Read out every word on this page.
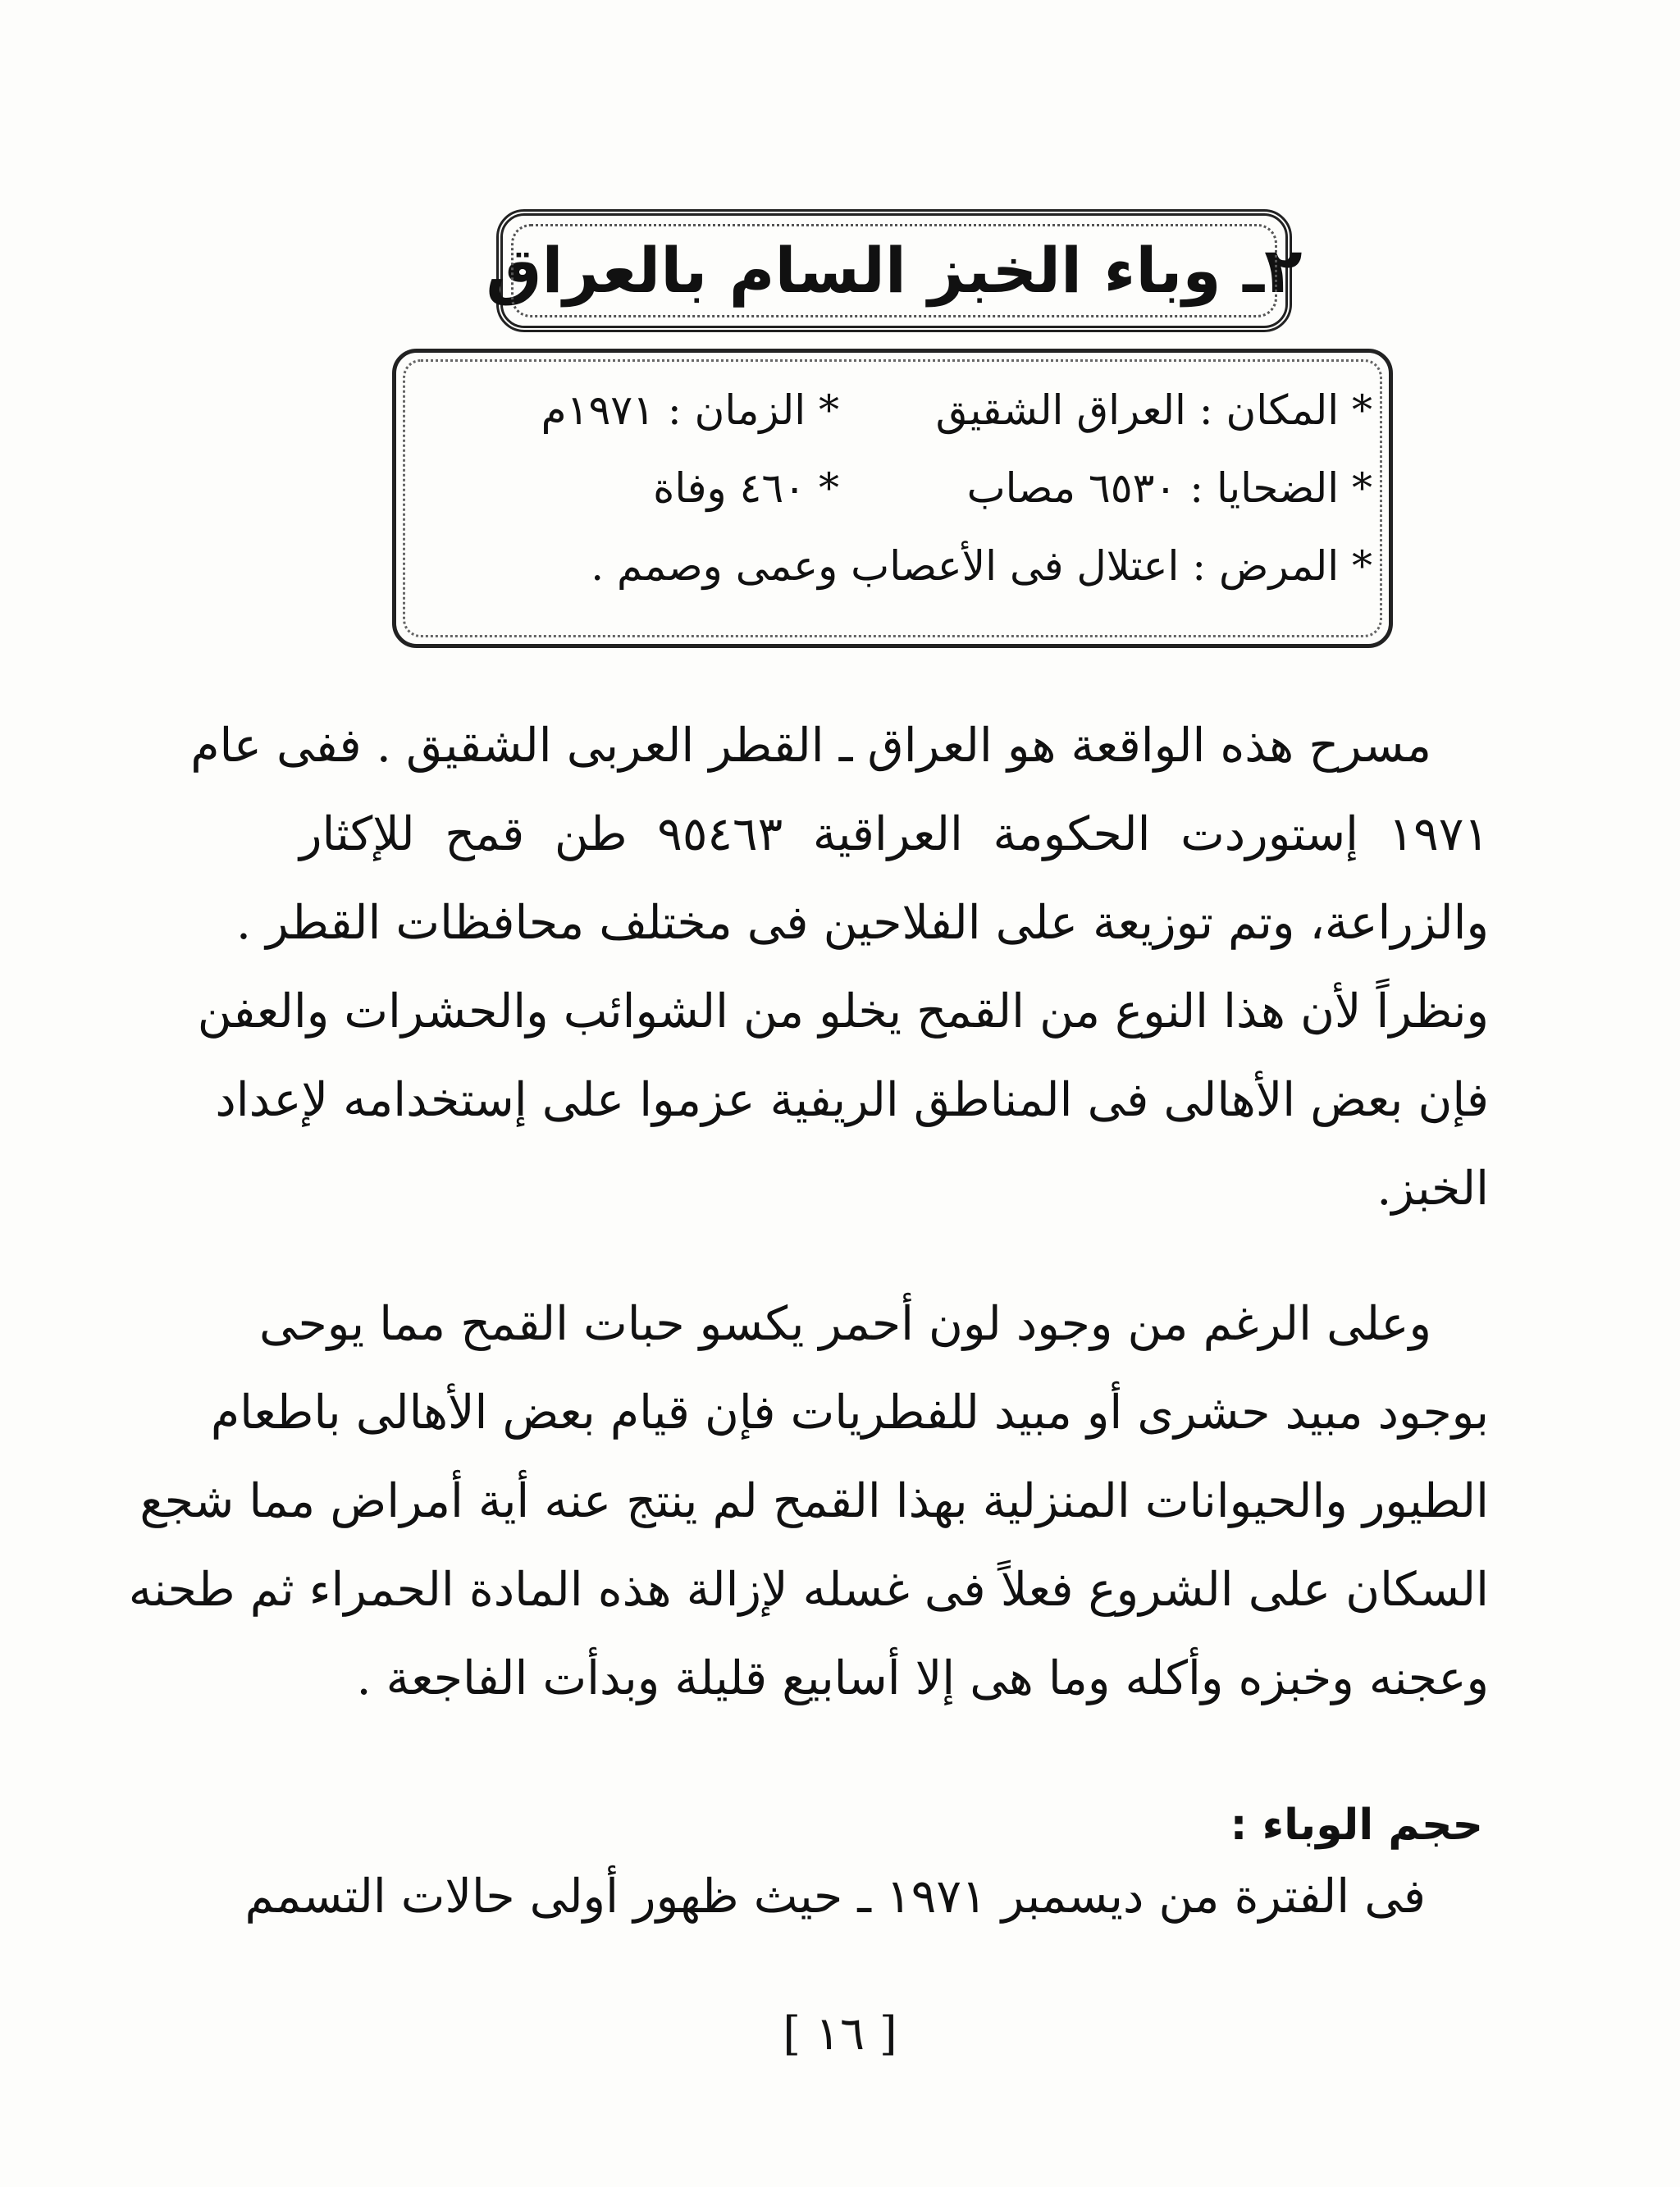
٢ـ وباء الخبز السام بالعراق
* المكان : العراق الشقيق
* الزمان : ١٩٧١م
* الضحايا : ٦٥٣٠ مصاب
* ٤٦٠ وفاة
* المرض : اعتلال فى الأعصاب وعمى وصمم .
مسرح هذه الواقعة هو العراق ـ القطر العربى الشقيق . ففى عام
١٩٧١ إستوردت الحكومة العراقية ٩٥٤٦٣ طن قمح للإكثار
والزراعة، وتم توزيعة على الفلاحين فى مختلف محافظات القطر .
ونظراً لأن هذا النوع من القمح يخلو من الشوائب والحشرات والعفن
فإن بعض الأهالى فى المناطق الريفية عزموا على إستخدامه لإعداد
الخبز.
وعلى الرغم من وجود لون أحمر يكسو حبات القمح مما يوحى
بوجود مبيد حشرى أو مبيد للفطريات فإن قيام بعض الأهالى باطعام
الطيور والحيوانات المنزلية بهذا القمح لم ينتج عنه أية أمراض مما شجع
السكان على الشروع فعلاً فى غسله لإزالة هذه المادة الحمراء ثم طحنه
وعجنه وخبزه وأكله وما هى إلا أسابيع قليلة وبدأت الفاجعة .
حجم الوباء :
فى الفترة من ديسمبر ١٩٧١ ـ حيث ظهور أولى حالات التسمم
[ ١٦ ]
